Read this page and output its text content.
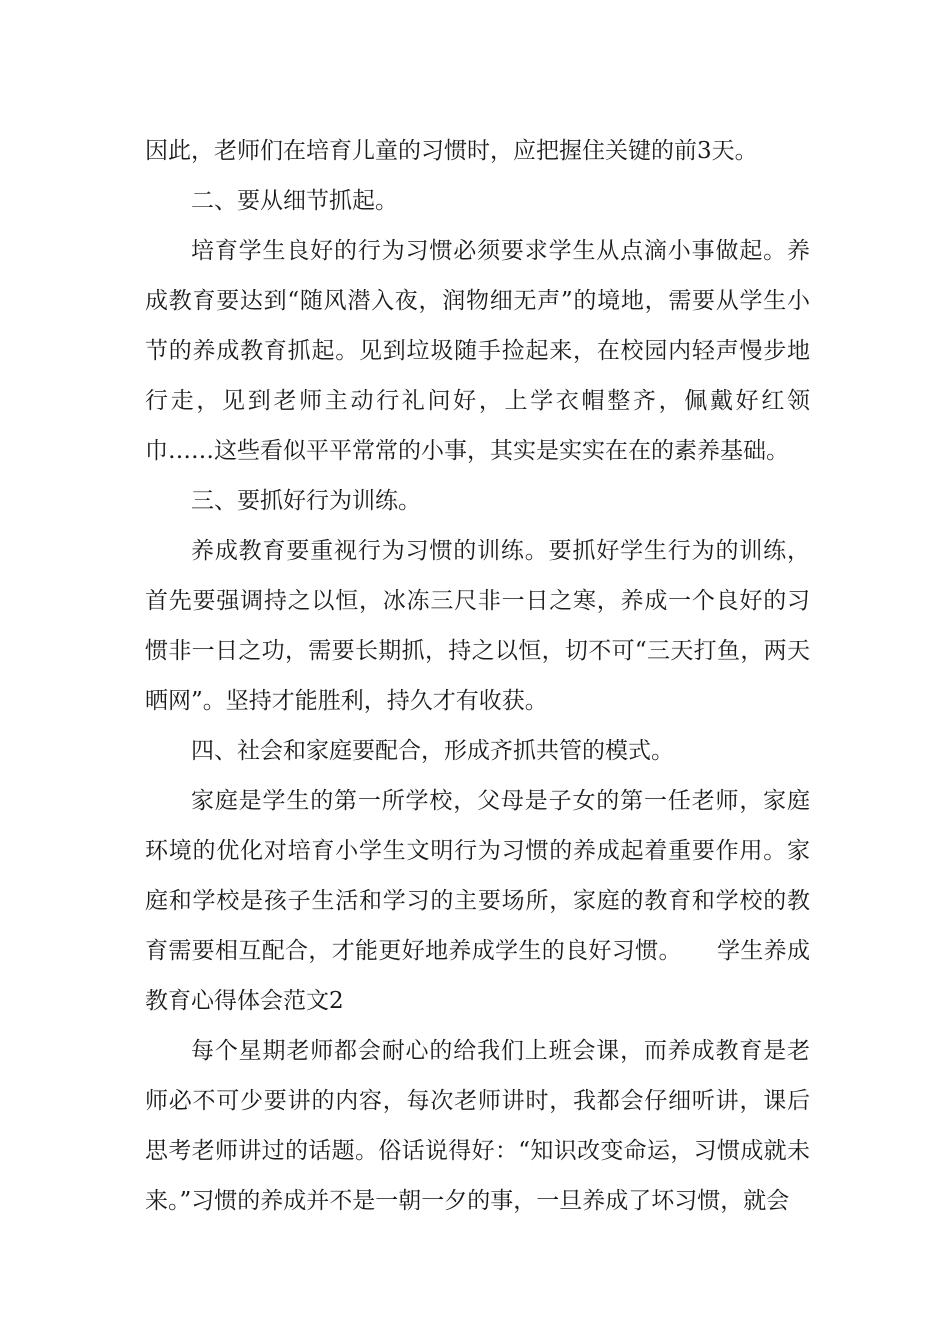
因此，老师们在培育儿童的习惯时，应把握住关键的前3天。

二、要从细节抓起。

培育学生良好的行为习惯必须要求学生从点滴小事做起。养成教育要达到“随风潜入夜，润物细无声”的境地，需要从学生小节的养成教育抓起。见到垃圾随手捡起来，在校园内轻声慢步地行走，见到老师主动行礼问好，上学衣帽整齐，佩戴好红领巾……这些看似平平常常的小事，其实是实实在在的素养基础。

三、要抓好行为训练。

养成教育要重视行为习惯的训练。要抓好学生行为的训练，首先要强调持之以恒，冰冻三尺非一日之寒，养成一个良好的习惯非一日之功，需要长期抓，持之以恒，切不可“三天打鱼，两天晒网”。坚持才能胜利，持久才有收获。

四、社会和家庭要配合，形成齐抓共管的模式。

家庭是学生的第一所学校，父母是子女的第一任老师，家庭环境的优化对培育小学生文明行为习惯的养成起着重要作用。家庭和学校是孩子生活和学习的主要场所，家庭的教育和学校的教育需要相互配合，才能更好地养成学生的良好习惯。　　学生养成教育心得体会范文2

每个星期老师都会耐心的给我们上班会课，而养成教育是老师必不可少要讲的内容，每次老师讲时，我都会仔细听讲，课后思考老师讲过的话题。俗话说得好：“知识改变命运，习惯成就未来。”习惯的养成并不是一朝一夕的事，一旦养成了坏习惯，就会
